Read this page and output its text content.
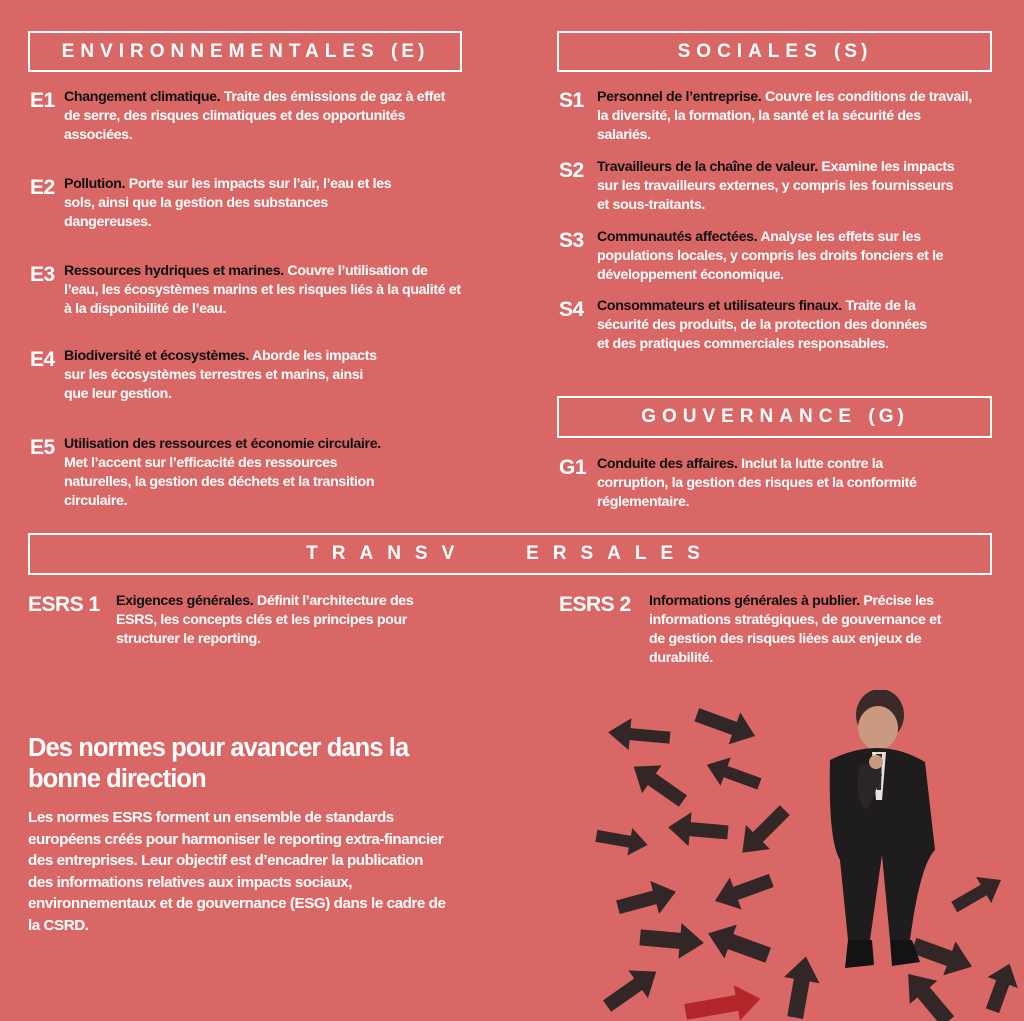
ENVIRONNEMENTALES
(E)	SOCIALES
(S)
GOUVERNANCE
(G)
TRANSV   ERSALES
E1 Changement climatique. Traite des émissions de gaz à effet de serre, des risques climatiques et des opportunités associées.
E2 Pollution. Porte sur les impacts sur l’air, l’eau et les sols, ainsi que la gestion des substances dangereuses.
E3 Ressources hydriques et marines. Couvre l’utilisation de l’eau, les écosystèmes marins et les risques liés à la qualité et à la disponibilité de l’eau.
E4 Biodiversité et écosystèmes. Aborde les impacts sur les écosystèmes terrestres et marins, ainsi que leur gestion.
E5 Utilisation des ressources et économie circulaire. Met l’accent sur l’efficacité des ressources naturelles, la gestion des déchets et la transition circulaire.
S1 Personnel de l’entreprise. Couvre les conditions de travail, la diversité, la formation, la santé et la sécurité des salariés.
S2 Travailleurs de la chaîne de valeur. Examine les impacts sur les travailleurs externes, y compris les fournisseurs et sous-traitants.
S3 Communautés affectées. Analyse les effets sur les populations locales, y compris les droits fonciers et le développement économique.
S4 Consommateurs et utilisateurs finaux. Traite de la sécurité des produits, de la protection des données et des pratiques commerciales responsables.
G1 Conduite des affaires. Inclut la lutte contre la corruption, la gestion des risques et la conformité réglementaire.
ESRS 1	Exigences générales. Définit l’architecture des ESRS, les concepts clés et les principes pour structurer le reporting.
ESRS 2	Informations générales à publier. Précise les informations stratégiques, de gouvernance et de gestion des risques liées aux enjeux de durabilité.
Des normes pour avancer dans la bonne direction
Les normes ESRS forment un ensemble de standards européens créés pour harmoniser le reporting extra-financier des entreprises. Leur objectif est d’encadrer la publication des informations relatives aux impacts sociaux, environnementaux et de gouvernance (ESG) dans le cadre de la CSRD.
